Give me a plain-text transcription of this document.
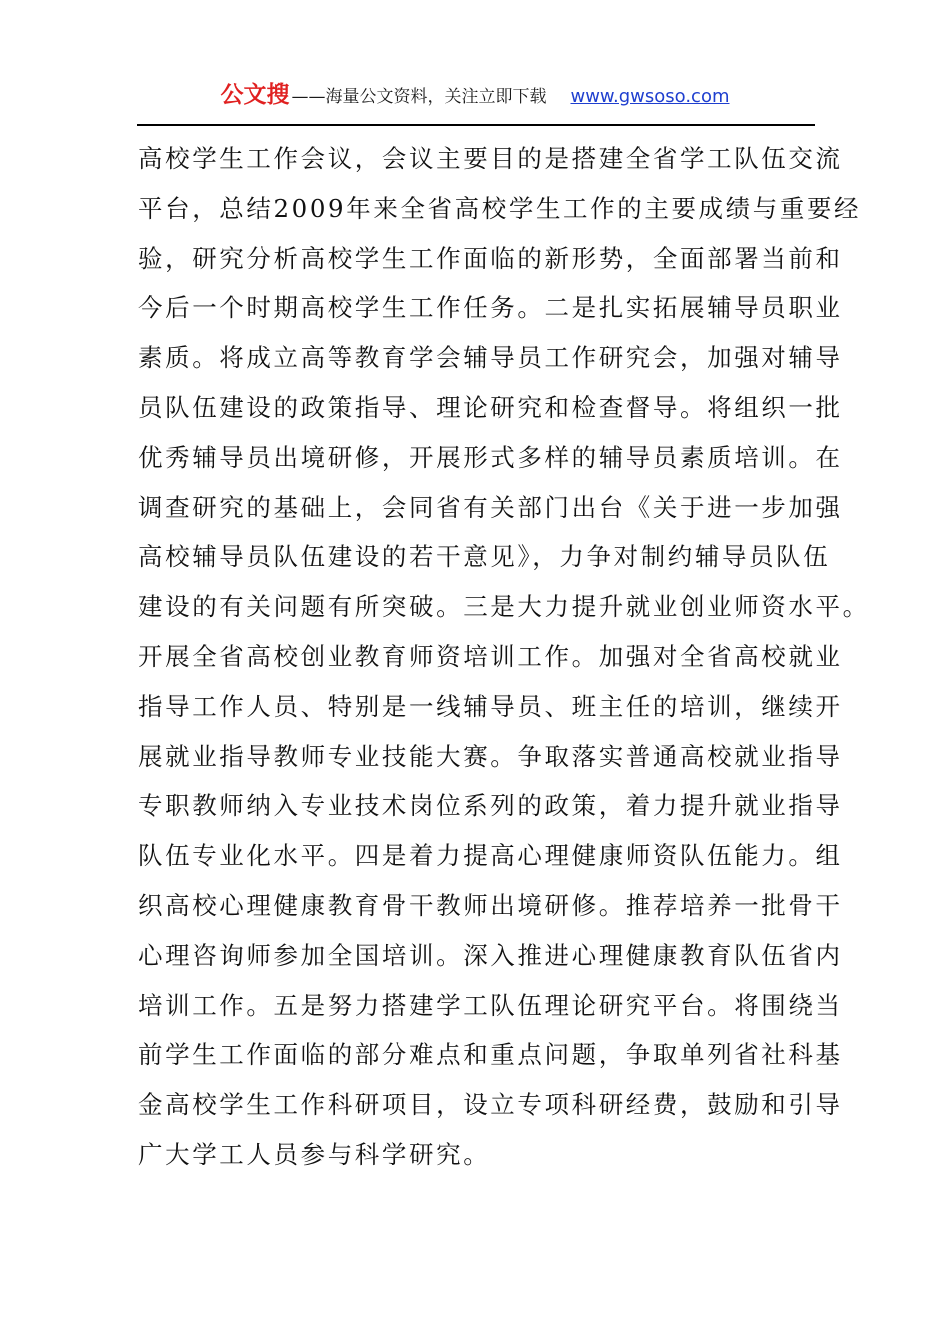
公文搜 ——海量公文资料，关注立即下载 www.gwsoso.com
高校学生工作会议，会议主要目的是搭建全省学工队伍交流
平台，总结2009年来全省高校学生工作的主要成绩与重要经
验，研究分析高校学生工作面临的新形势，全面部署当前和
今后一个时期高校学生工作任务。二是扎实拓展辅导员职业
素质。将成立高等教育学会辅导员工作研究会，加强对辅导
员队伍建设的政策指导、理论研究和检查督导。将组织一批
优秀辅导员出境研修，开展形式多样的辅导员素质培训。在
调查研究的基础上，会同省有关部门出台《关于进一步加强
高校辅导员队伍建设的若干意见》，力争对制约辅导员队伍
建设的有关问题有所突破。三是大力提升就业创业师资水平。
开展全省高校创业教育师资培训工作。加强对全省高校就业
指导工作人员、特别是一线辅导员、班主任的培训，继续开
展就业指导教师专业技能大赛。争取落实普通高校就业指导
专职教师纳入专业技术岗位系列的政策，着力提升就业指导
队伍专业化水平。四是着力提高心理健康师资队伍能力。组
织高校心理健康教育骨干教师出境研修。推荐培养一批骨干
心理咨询师参加全国培训。深入推进心理健康教育队伍省内
培训工作。五是努力搭建学工队伍理论研究平台。将围绕当
前学生工作面临的部分难点和重点问题，争取单列省社科基
金高校学生工作科研项目，设立专项科研经费，鼓励和引导
广大学工人员参与科学研究。
